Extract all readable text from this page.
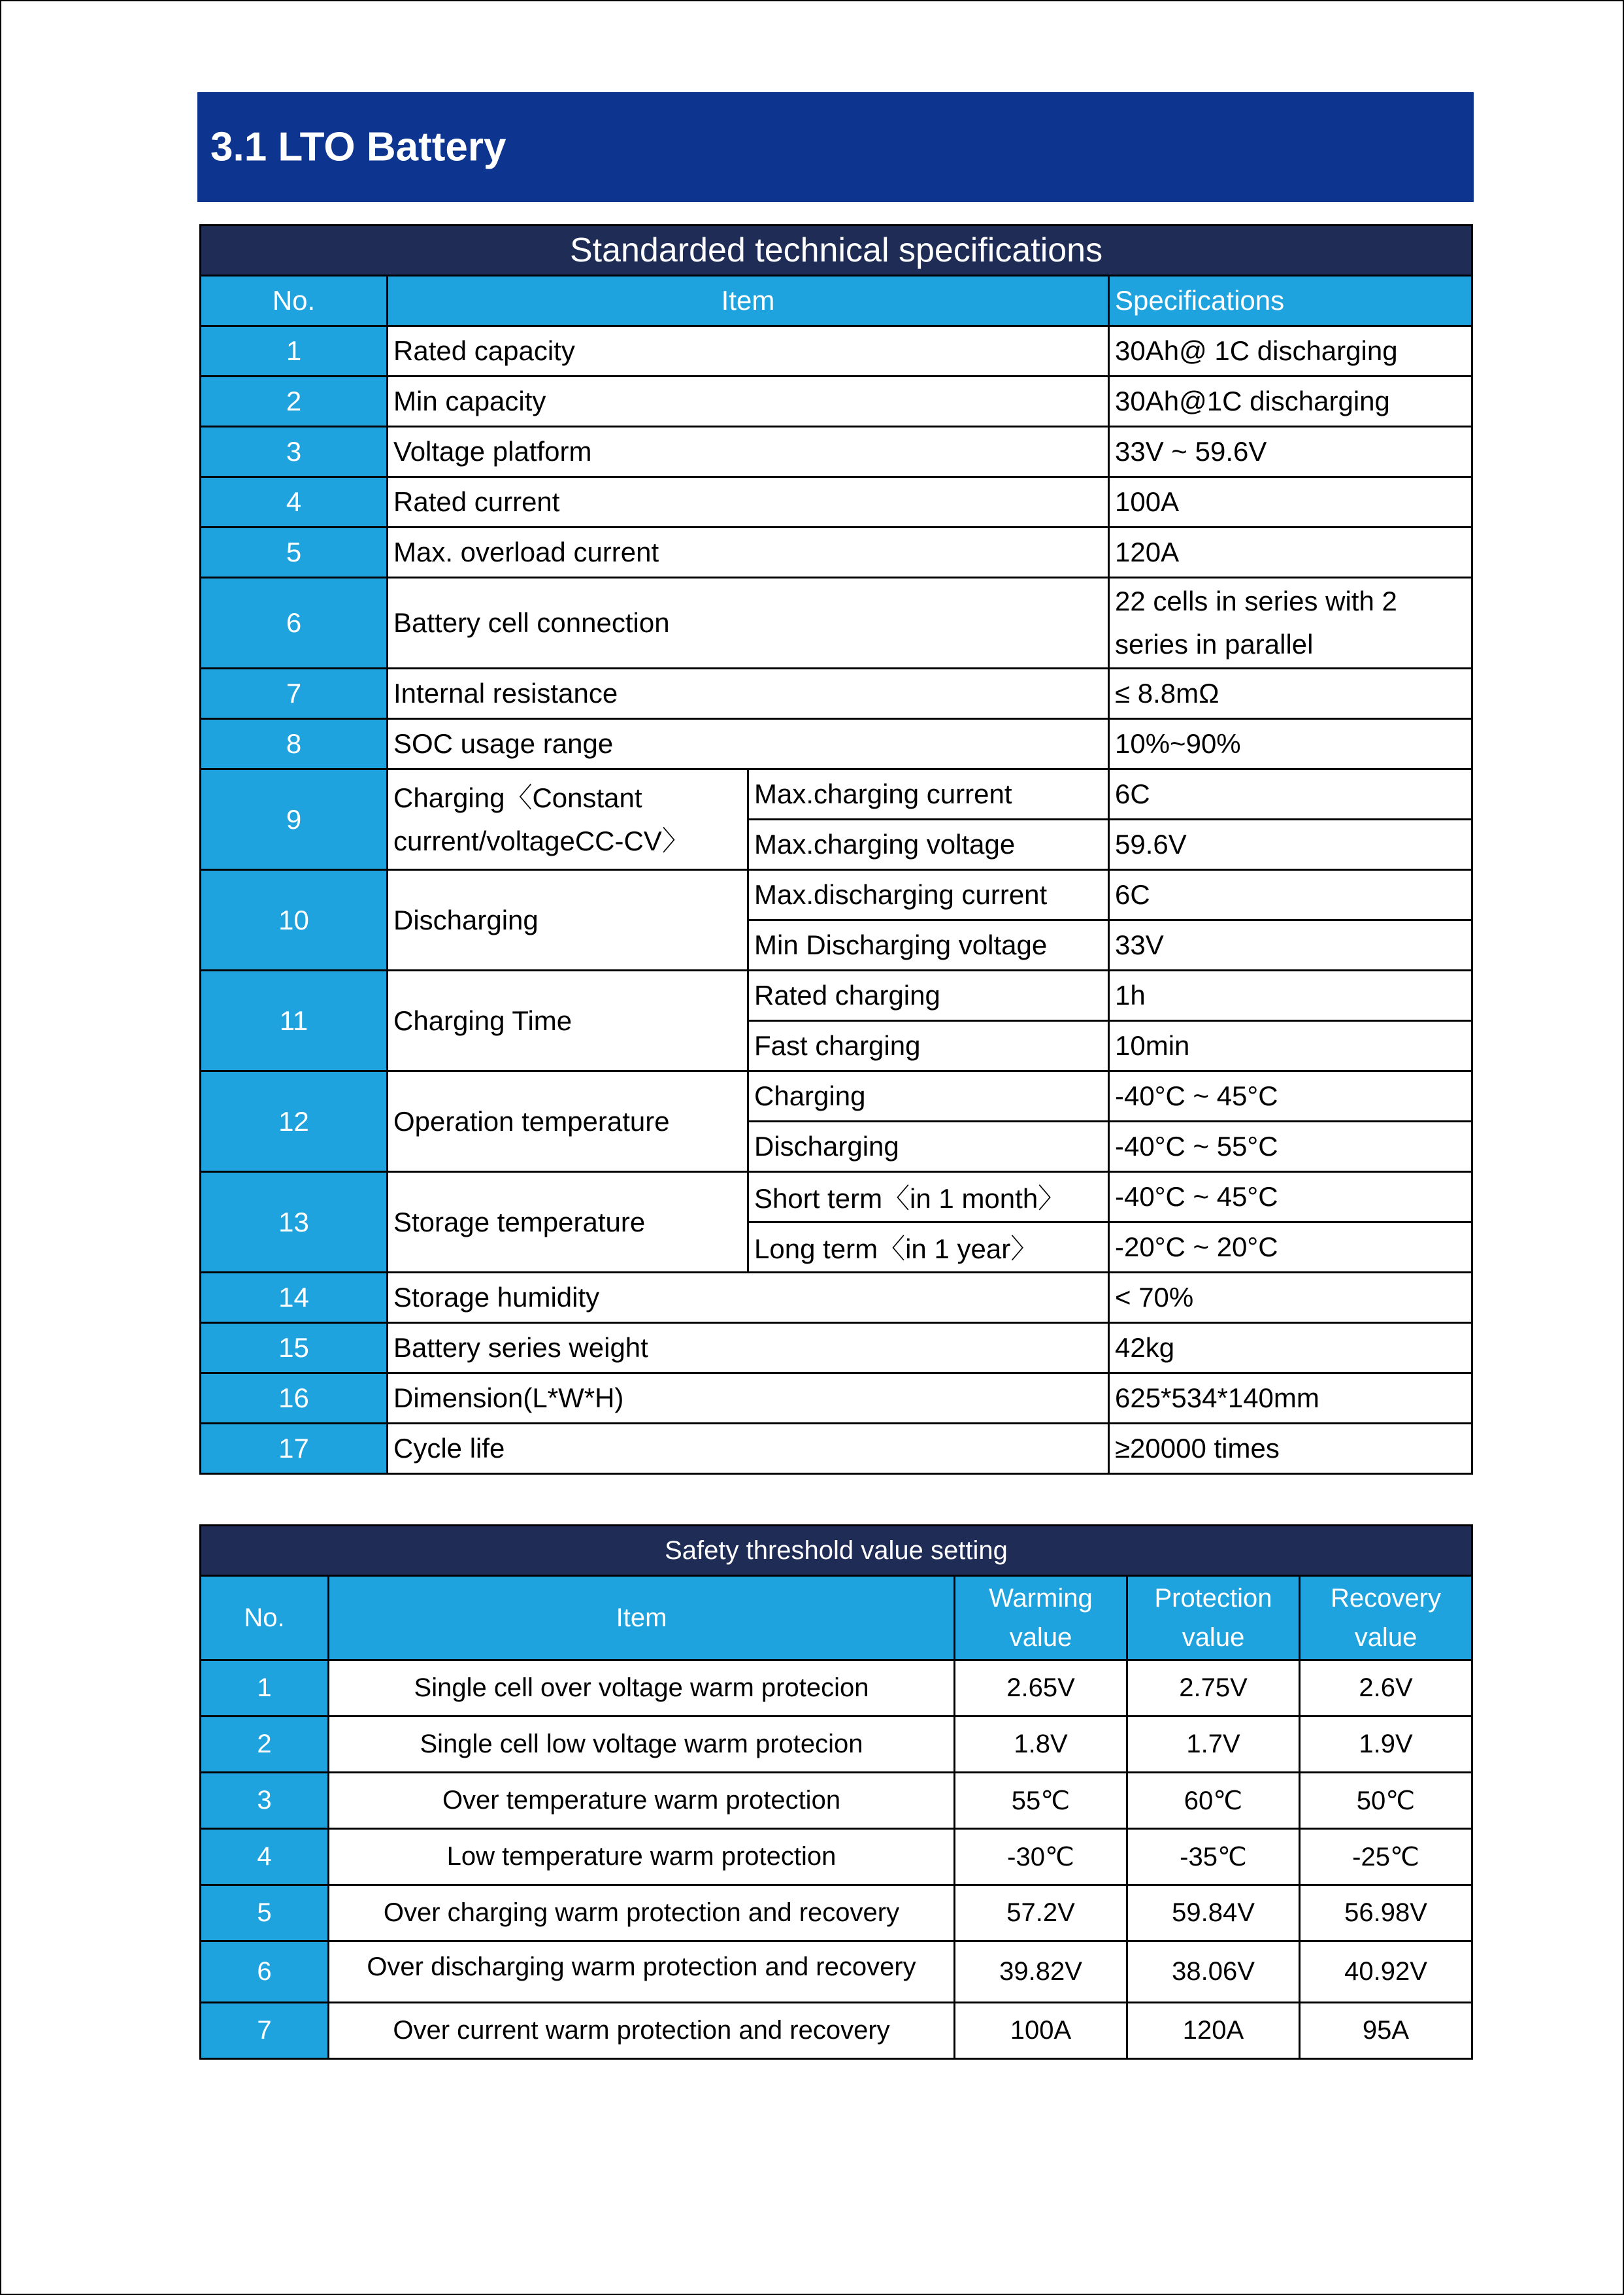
3.1 LTO Battery
Standarded technical specifications			
No.	Item		Specifications
1	Rated capacity		30Ah@ 1C discharging
2	Min capacity		30Ah@1C discharging
3	Voltage platform		33V ~ 59.6V
4	Rated current		100A
5	Max. overload current		120A
6	Battery cell connection		22 cells in series with 2 series in parallel
7	Internal resistance		≤ 8.8mΩ
8	SOC usage range		10%~90%
9	Charging〈Constant current/voltageCC-CV〉	Max.charging current	6C
		Max.charging voltage	59.6V
10	Discharging	Max.discharging current	6C
		Min Discharging voltage	33V
11	Charging Time	Rated charging	1h
		Fast charging	10min
12	Operation temperature	Charging	-40°C ~ 45°C
		Discharging	-40°C ~ 55°C
13	Storage temperature	Short term〈in 1 month〉	-40°C ~ 45°C
		Long term〈in 1 year〉	-20°C ~ 20°C
14	Storage humidity		< 70%
15	Battery series weight		42kg
16	Dimension(L*W*H)		625*534*140mm
17	Cycle life		≥20000 times
Safety threshold value setting				
No.	Item	Warming value	Protection value	Recovery value
1	Single cell over voltage warm protecion	2.65V	2.75V	2.6V
2	Single cell low voltage warm protecion	1.8V	1.7V	1.9V
3	Over temperature warm protection	55℃	60℃	50℃
4	Low temperature warm protection	-30℃	-35℃	-25℃
5	Over charging warm protection and recovery	57.2V	59.84V	56.98V
6	Over discharging warm protection and recovery	39.82V	38.06V	40.92V
7	Over current warm protection and recovery	100A	120A	95A
